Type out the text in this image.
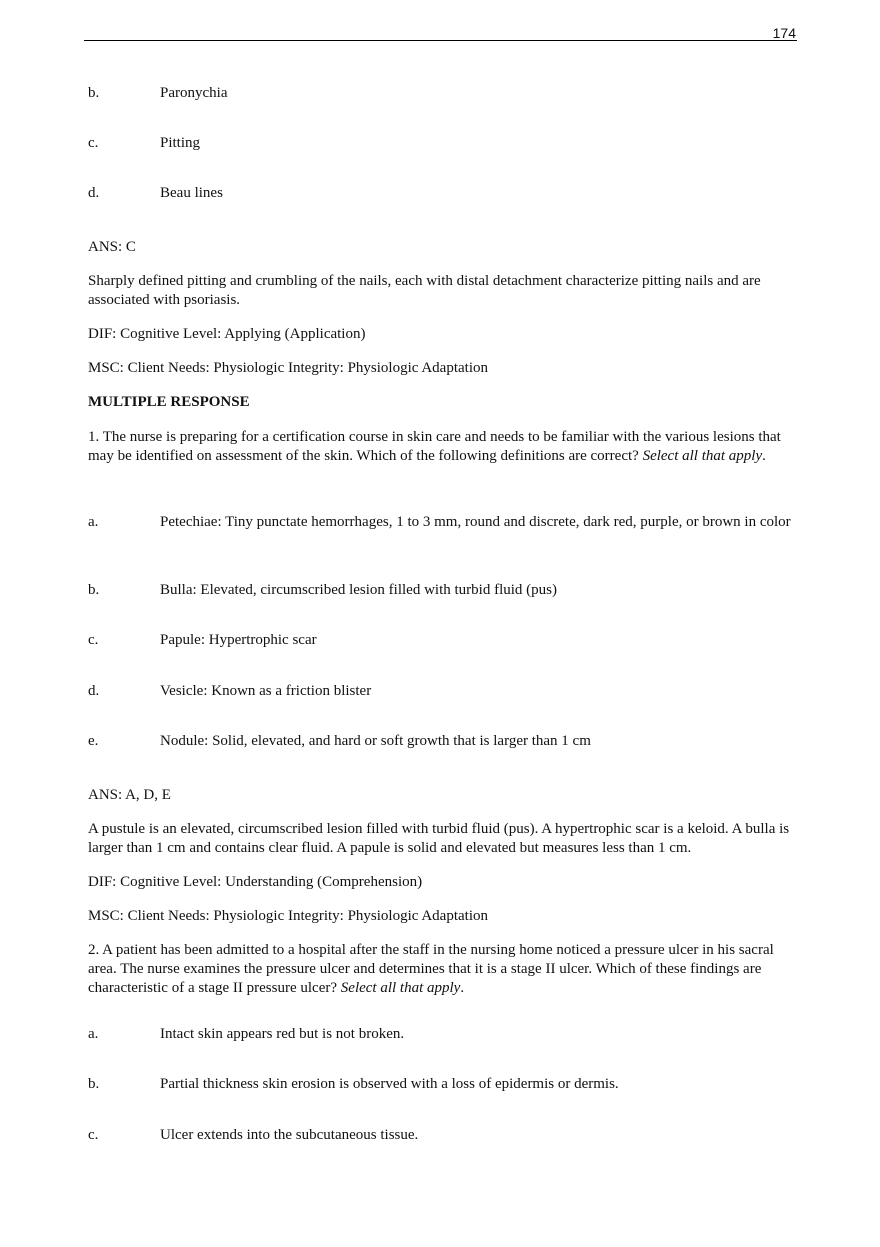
174
b.	Paronychia
c.	Pitting
d.	Beau lines
ANS: C
Sharply defined pitting and crumbling of the nails, each with distal detachment characterize pitting nails and are associated with psoriasis.
DIF: Cognitive Level: Applying (Application)
MSC: Client Needs: Physiologic Integrity: Physiologic Adaptation
MULTIPLE RESPONSE
1. The nurse is preparing for a certification course in skin care and needs to be familiar with the various lesions that may be identified on assessment of the skin. Which of the following definitions are correct? Select all that apply.
a.	Petechiae: Tiny punctate hemorrhages, 1 to 3 mm, round and discrete, dark red, purple, or brown in color
b.	Bulla: Elevated, circumscribed lesion filled with turbid fluid (pus)
c.	Papule: Hypertrophic scar
d.	Vesicle: Known as a friction blister
e.	Nodule: Solid, elevated, and hard or soft growth that is larger than 1 cm
ANS: A, D, E
A pustule is an elevated, circumscribed lesion filled with turbid fluid (pus). A hypertrophic scar is a keloid. A bulla is larger than 1 cm and contains clear fluid. A papule is solid and elevated but measures less than 1 cm.
DIF: Cognitive Level: Understanding (Comprehension)
MSC: Client Needs: Physiologic Integrity: Physiologic Adaptation
2. A patient has been admitted to a hospital after the staff in the nursing home noticed a pressure ulcer in his sacral area. The nurse examines the pressure ulcer and determines that it is a stage II ulcer. Which of these findings are characteristic of a stage II pressure ulcer? Select all that apply.
a.	Intact skin appears red but is not broken.
b.	Partial thickness skin erosion is observed with a loss of epidermis or dermis.
c.	Ulcer extends into the subcutaneous tissue.
